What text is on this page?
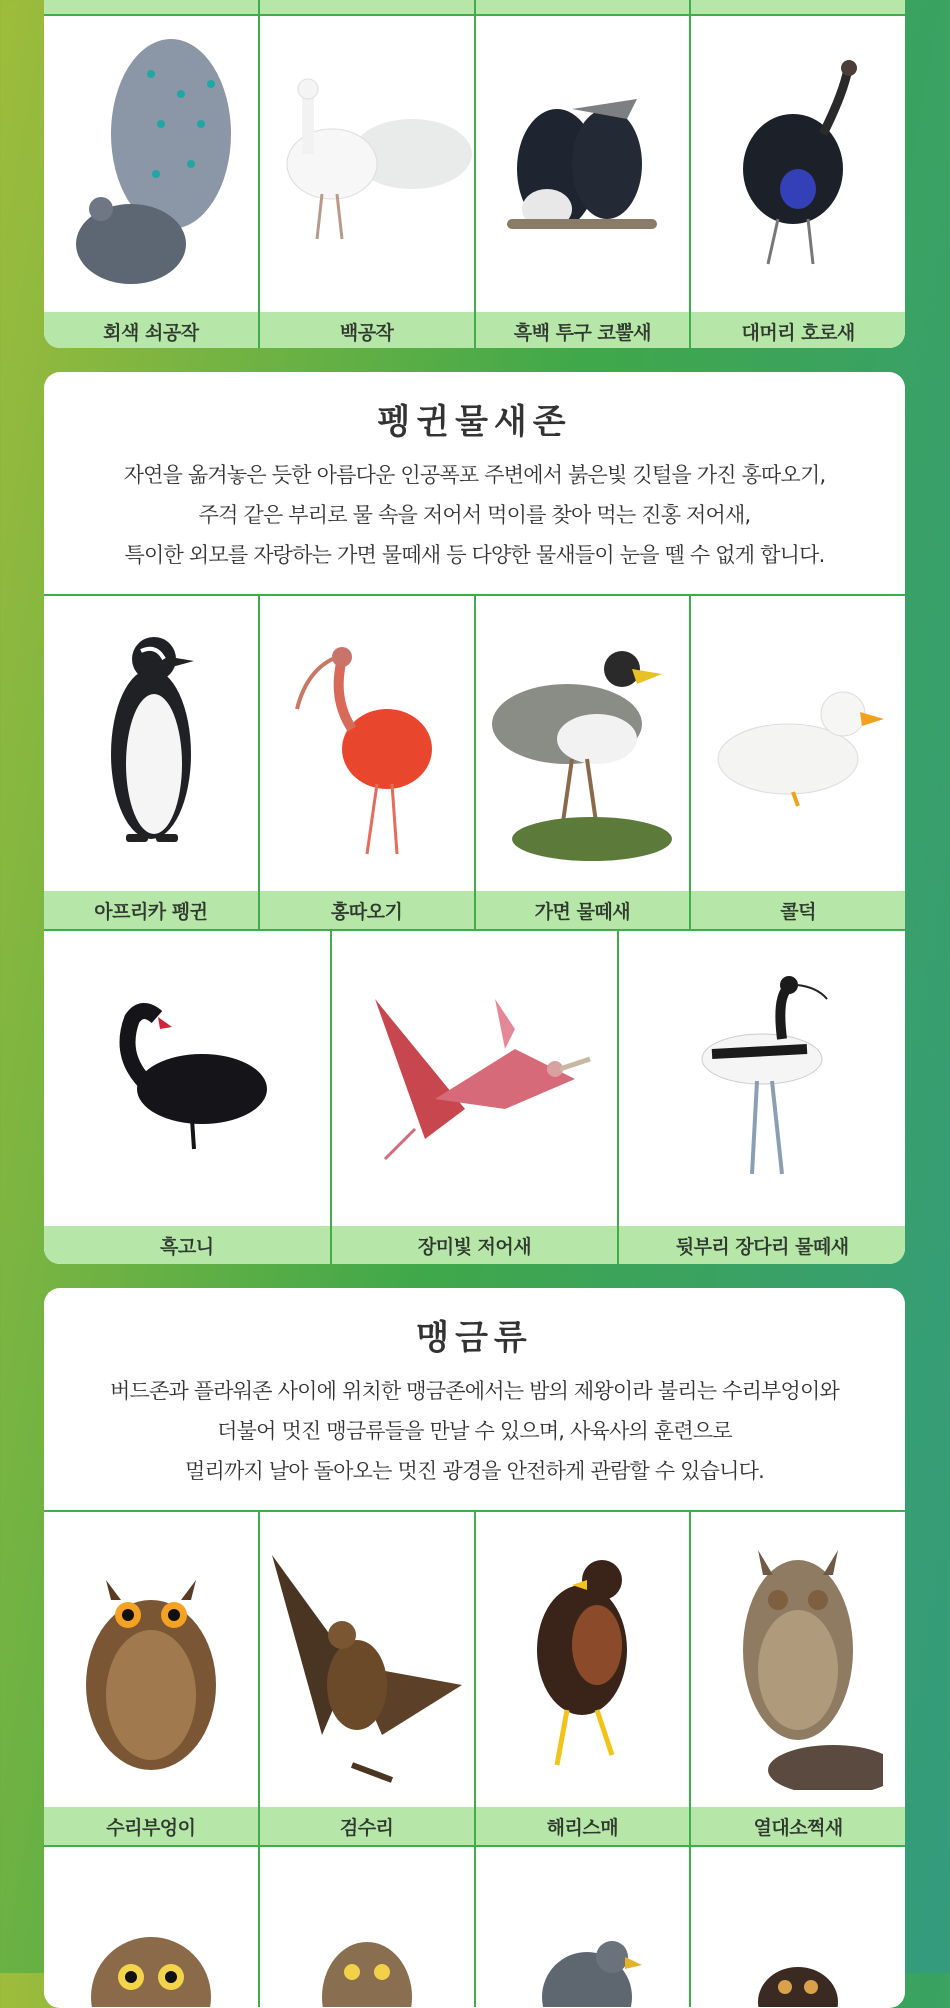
회색 쇠공작	백공작	흑백 투구 코뿔새	대머리 호로새
펭귄물새존
자연을 옮겨놓은 듯한 아름다운 인공폭포 주변에서 붉은빛 깃털을 가진 홍따오기,
주걱 같은 부리로 물 속을 저어서 먹이를 찾아 먹는 진홍 저어새,
특이한 외모를 자랑하는 가면 물떼새 등 다양한 물새들이 눈을 뗄 수 없게 합니다.
아프리카 펭귄	홍따오기	가면 물떼새	콜덕
흑고니	장미빛 저어새	뒷부리 장다리 물떼새
맹금류
버드존과 플라워존 사이에 위치한 맹금존에서는 밤의 제왕이라 불리는 수리부엉이와
더불어 멋진 맹금류들을 만날 수 있으며, 사육사의 훈련으로
멀리까지 날아 돌아오는 멋진 광경을 안전하게 관람할 수 있습니다.
수리부엉이	검수리	해리스매	열대소쩍새
